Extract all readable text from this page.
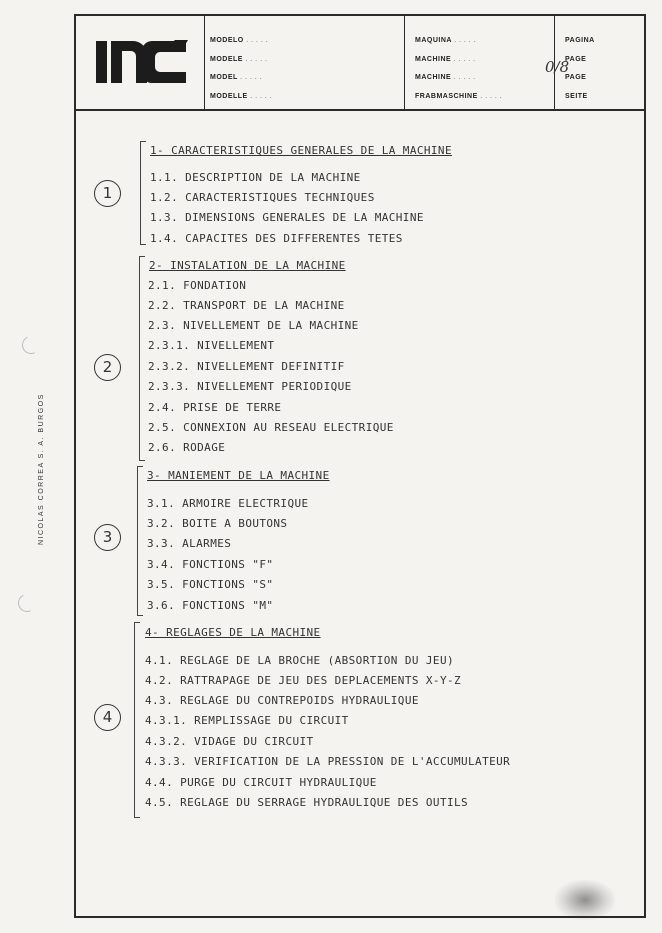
CALIDAD
MODELO . . . . .
MODELE . . . . .
MODEL . . . . .
MODELLE . . . . .
MAQUINA . . . . .
MACHINE . . . . .
MACHINE . . . . .
FRABMASCHINE . . . . .
PAGINA
PAGE
PAGE
SEITE
0/8
NICOLAS CORREA S. A. BURGOS
1
1- CARACTERISTIQUES GENERALES DE LA MACHINE
1.1. DESCRIPTION DE LA MACHINE
1.2. CARACTERISTIQUES TECHNIQUES
1.3. DIMENSIONS GENERALES DE LA MACHINE
1.4. CAPACITES DES DIFFERENTES TETES
2
2- INSTALATION DE LA MACHINE
2.1. FONDATION
2.2. TRANSPORT DE LA MACHINE
2.3. NIVELLEMENT DE LA MACHINE
2.3.1. NIVELLEMENT
2.3.2. NIVELLEMENT DEFINITIF
2.3.3. NIVELLEMENT PERIODIQUE
2.4. PRISE DE TERRE
2.5. CONNEXION AU RESEAU ELECTRIQUE
2.6. RODAGE
3
3- MANIEMENT DE LA MACHINE
3.1. ARMOIRE ELECTRIQUE
3.2. BOITE A BOUTONS
3.3. ALARMES
3.4. FONCTIONS "F"
3.5. FONCTIONS "S"
3.6. FONCTIONS "M"
4
4- REGLAGES DE LA MACHINE
4.1. REGLAGE DE LA BROCHE (ABSORTION DU JEU)
4.2. RATTRAPAGE DE JEU DES DEPLACEMENTS X-Y-Z
4.3. REGLAGE DU CONTREPOIDS HYDRAULIQUE
4.3.1. REMPLISSAGE DU CIRCUIT
4.3.2. VIDAGE DU CIRCUIT
4.3.3. VERIFICATION DE LA PRESSION DE L'ACCUMULATEUR
4.4. PURGE DU CIRCUIT HYDRAULIQUE
4.5. REGLAGE DU SERRAGE HYDRAULIQUE DES OUTILS
